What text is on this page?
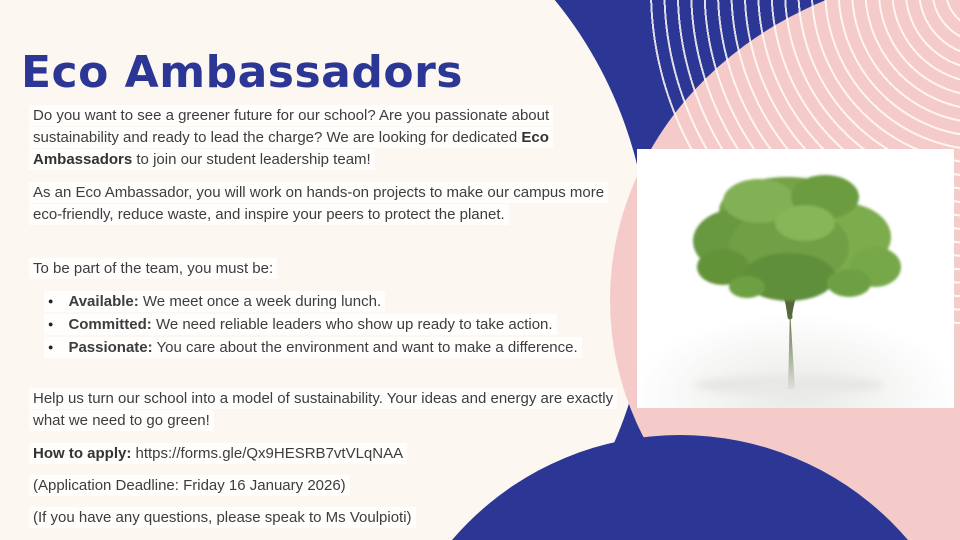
Eco Ambassadors

Do you want to see a greener future for our school? Are you passionate about sustainability and ready to lead the charge? We are looking for dedicated Eco Ambassadors to join our student leadership team!

As an Eco Ambassador, you will work on hands-on projects to make our campus more eco-friendly, reduce waste, and inspire your peers to protect the planet.

To be part of the team, you must be:

● Available: We meet once a week during lunch.
● Committed: We need reliable leaders who show up ready to take action.
● Passionate: You care about the environment and want to make a difference.

Help us turn our school into a model of sustainability. Your ideas and energy are exactly what we need to go green!

How to apply: https://forms.gle/Qx9HESRB7vtVLqNAA

(Application Deadline: Friday 16 January 2026)

(If you have any questions, please speak to Ms Voulpioti)
